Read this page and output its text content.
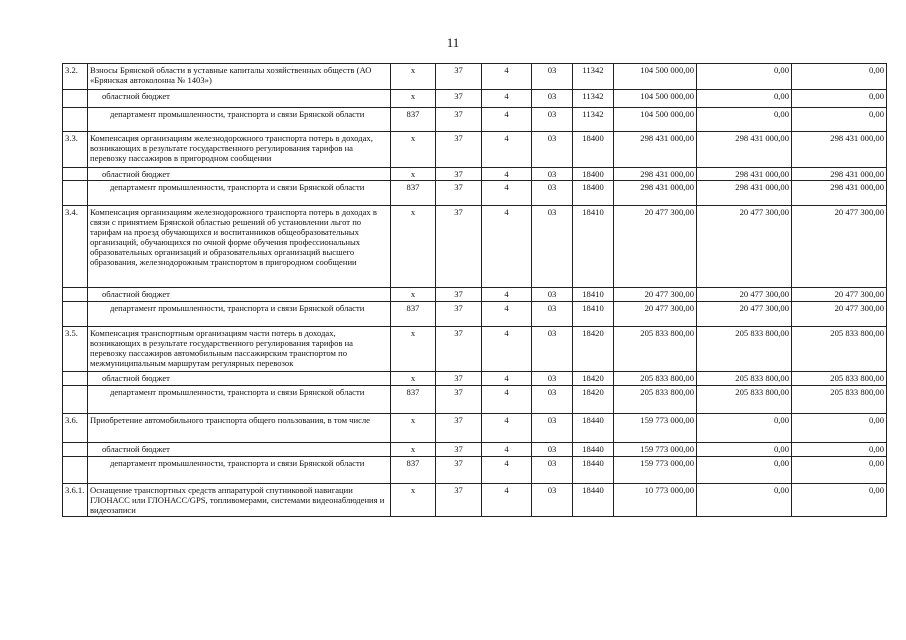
11
3.2.	Взносы Брянской области в уставные капиталы хозяйственных обществ (АО «Брянская автоколонна № 1403»)	x	37	4	03	11342	104 500 000,00	0,00	0,00
	областной бюджет	x	37	4	03	11342	104 500 000,00	0,00	0,00
	департамент промышленности, транспорта и связи Брянской области	837	37	4	03	11342	104 500 000,00	0,00	0,00
3.3.	Компенсация организациям железнодорожного транспорта потерь в доходах, возникающих в результате государственного регулирования тарифов на перевозку пассажиров в пригородном сообщении	x	37	4	03	18400	298 431 000,00	298 431 000,00	298 431 000,00
	областной бюджет	x	37	4	03	18400	298 431 000,00	298 431 000,00	298 431 000,00
	департамент промышленности, транспорта и связи Брянской области	837	37	4	03	18400	298 431 000,00	298 431 000,00	298 431 000,00
3.4.	Компенсация организациям железнодорожного транспорта потерь в доходах в связи с принятием Брянской областью решений об установлении льгот по тарифам на проезд обучающихся и воспитанников общеобразовательных организаций, обучающихся по очной форме обучения профессиональных образовательных организаций и образовательных организаций высшего образования, железнодорожным транспортом в пригородном сообщении	x	37	4	03	18410	20 477 300,00	20 477 300,00	20 477 300,00
	областной бюджет	x	37	4	03	18410	20 477 300,00	20 477 300,00	20 477 300,00
	департамент промышленности, транспорта и связи Брянской области	837	37	4	03	18410	20 477 300,00	20 477 300,00	20 477 300,00
3.5.	Компенсация транспортным организациям части потерь в доходах, возникающих в результате государственного регулирования тарифов на перевозку пассажиров автомобильным пассажирским транспортом по межмуниципальным маршрутам регулярных перевозок	x	37	4	03	18420	205 833 800,00	205 833 800,00	205 833 800,00
	областной бюджет	x	37	4	03	18420	205 833 800,00	205 833 800,00	205 833 800,00
	департамент промышленности, транспорта и связи Брянской области	837	37	4	03	18420	205 833 800,00	205 833 800,00	205 833 800,00
3.6.	Приобретение автомобильного транспорта общего пользования, в том числе	x	37	4	03	18440	159 773 000,00	0,00	0,00
	областной бюджет	x	37	4	03	18440	159 773 000,00	0,00	0,00
	департамент промышленности, транспорта и связи Брянской области	837	37	4	03	18440	159 773 000,00	0,00	0,00
3.6.1.	Оснащение транспортных средств аппаратурой спутниковой навигации ГЛОНАСС или ГЛОНАСС/GPS, топливомерами, системами видеонаблюдения и видеозаписи	x	37	4	03	18440	10 773 000,00	0,00	0,00
